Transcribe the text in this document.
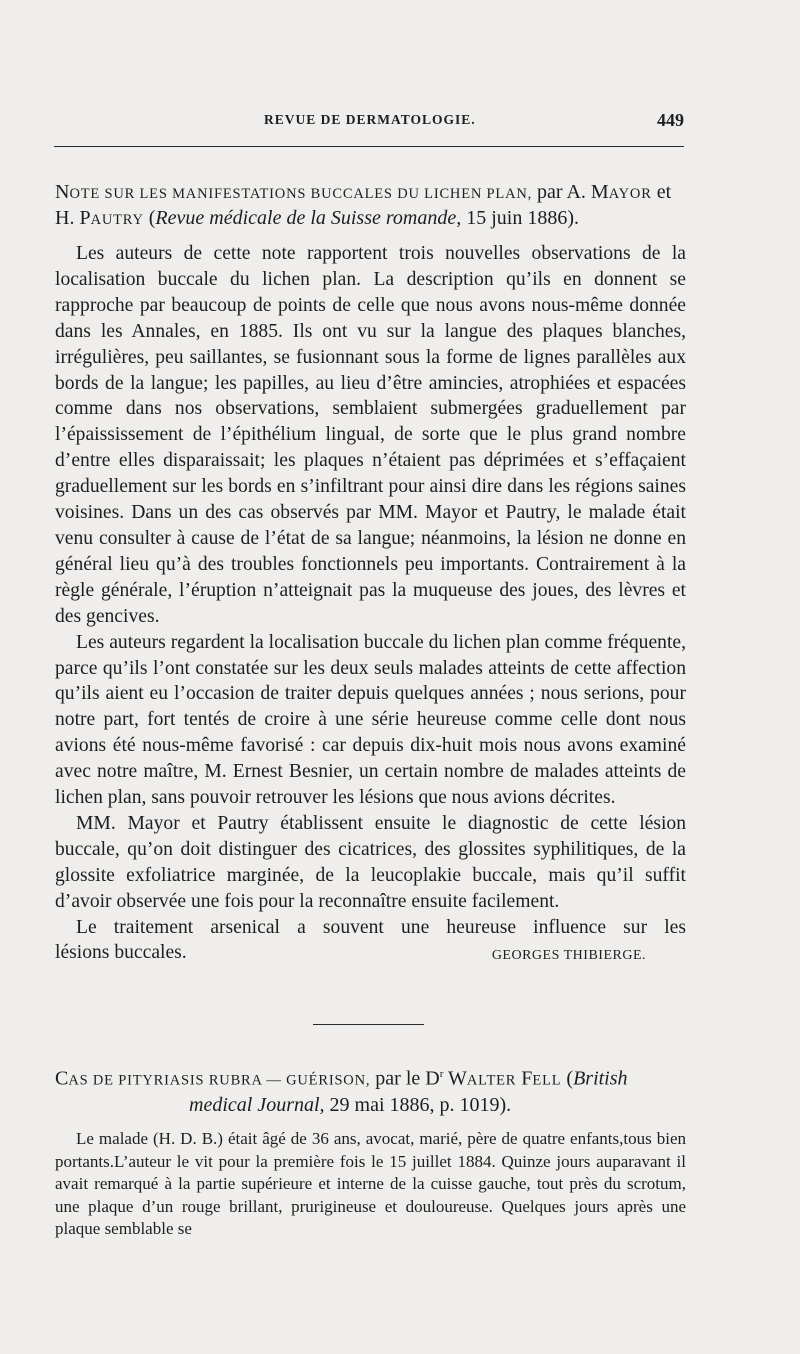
REVUE DE DERMATOLOGIE.	449
NOTE SUR LES MANIFESTATIONS BUCCALES DU LICHEN PLAN, par A. MAYOR et
H. PAUTRY (Revue médicale de la Suisse romande, 15 juin 1886).

Les auteurs de cette note rapportent trois nouvelles observations de la localisation buccale du lichen plan. La description qu’ils en donnent se rapproche par beaucoup de points de celle que nous avons nous-même donnée dans les Annales, en 1885. Ils ont vu sur la langue des plaques blanches, irrégulières, peu saillantes, se fusionnant sous la forme de lignes parallèles aux bords de la langue; les papilles, au lieu d’être amincies, atrophiées et espacées comme dans nos observations, semblaient submergées graduellement par l’épaississement de l’épithélium lingual, de sorte que le plus grand nombre d’entre elles disparaissait; les plaques n’étaient pas déprimées et s’effaçaient graduellement sur les bords en s’infiltrant pour ainsi dire dans les régions saines voisines. Dans un des cas observés par MM. Mayor et Pautry, le malade était venu consulter à cause de l’état de sa langue; néanmoins, la lésion ne donne en général lieu qu’à des troubles fonctionnels peu importants. Contrairement à la règle générale, l’éruption n’atteignait pas la muqueuse des joues, des lèvres et des gencives.

Les auteurs regardent la localisation buccale du lichen plan comme fréquente, parce qu’ils l’ont constatée sur les deux seuls malades atteints de cette affection qu’ils aient eu l’occasion de traiter depuis quelques années ; nous serions, pour notre part, fort tentés de croire à une série heureuse comme celle dont nous avions été nous-même favorisé : car depuis dix-huit mois nous avons examiné avec notre maître, M. Ernest Besnier, un certain nombre de malades atteints de lichen plan, sans pouvoir retrouver les lésions que nous avions décrites.

MM. Mayor et Pautry établissent ensuite le diagnostic de cette lésion buccale, qu’on doit distinguer des cicatrices, des glossites syphilitiques, de la glossite exfoliatrice marginée, de la leucoplakie buccale, mais qu’il suffit d’avoir observée une fois pour la reconnaître ensuite facilement.

Le traitement arsenical a souvent une heureuse influence sur les

lésions buccales.	GEORGES THIBIERGE.
CAS DE PITYRIASIS RUBRA — GUÉRISON, par le $D^r$ WALTER FELL (British
medical Journal, 29 mai 1886, p. 1019).

Le malade (H. D. B.) était âgé de 36 ans, avocat, marié, père de quatre enfants,tous bien portants.L’auteur le vit pour la première fois le 15 juillet 1884. Quinze jours auparavant il avait remarqué à la partie supérieure et interne de la cuisse gauche, tout près du scrotum, une plaque d’un rouge brillant, prurigineuse et douloureuse. Quelques jours après une plaque semblable se
